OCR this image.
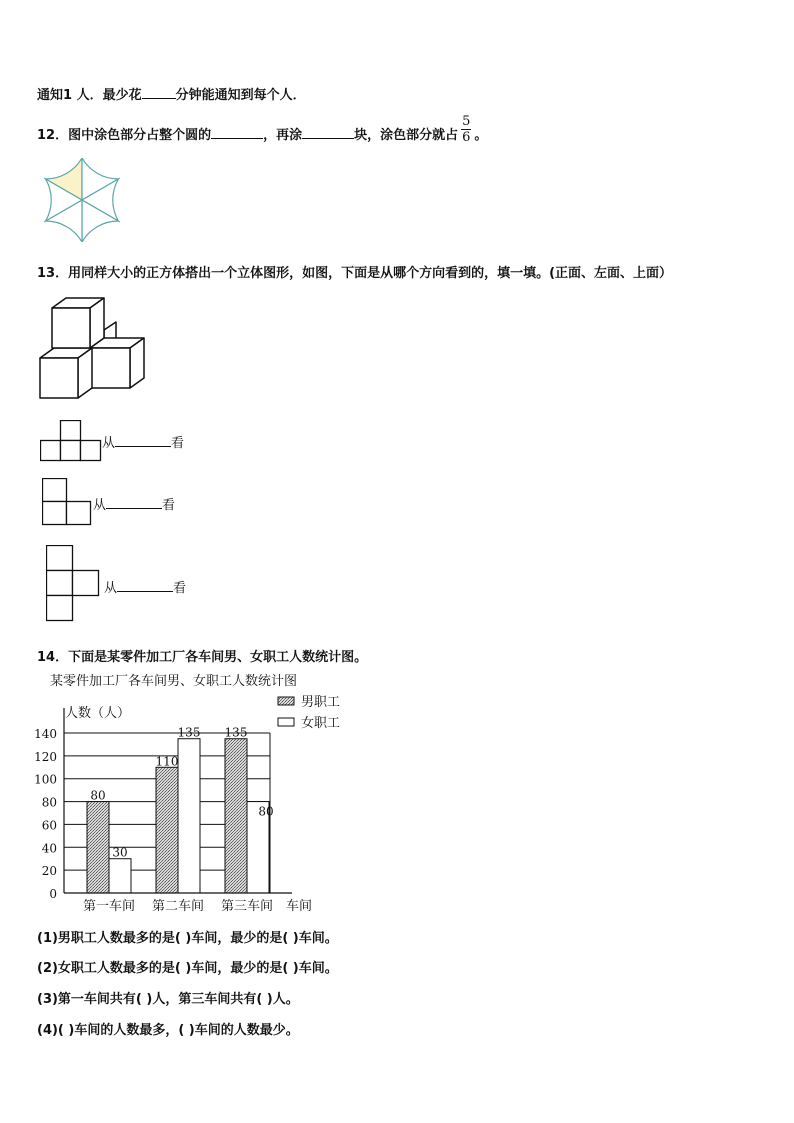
通知1 人．最少花	分钟能通知到每个人．
12．图中涂色部分占整个圆的	，再涂	块，涂色部分就占 $\frac{5}{6}$ 。
13．用同样大小的正方体搭出一个立体图形，如图，下面是从哪个方向看到的，填一填。(正面、左面、上面）
从	看
从	看
从	看
14．下面是某零件加工厂各车间男、女职工人数统计图。
某零件加工厂各车间男、女职工人数统计图
人数（人）
车间
男职工
女职工
0
20
40
60
80
100
120
140
80
30
第一车间
110
135
第二车间
135
80
第三车间
(1)男职工人数最多的是( )车间，最少的是( )车间。
(2)女职工人数最多的是( )车间，最少的是( )车间。
(3)第一车间共有( )人，第三车间共有( )人。
(4)( )车间的人数最多，( )车间的人数最少。
